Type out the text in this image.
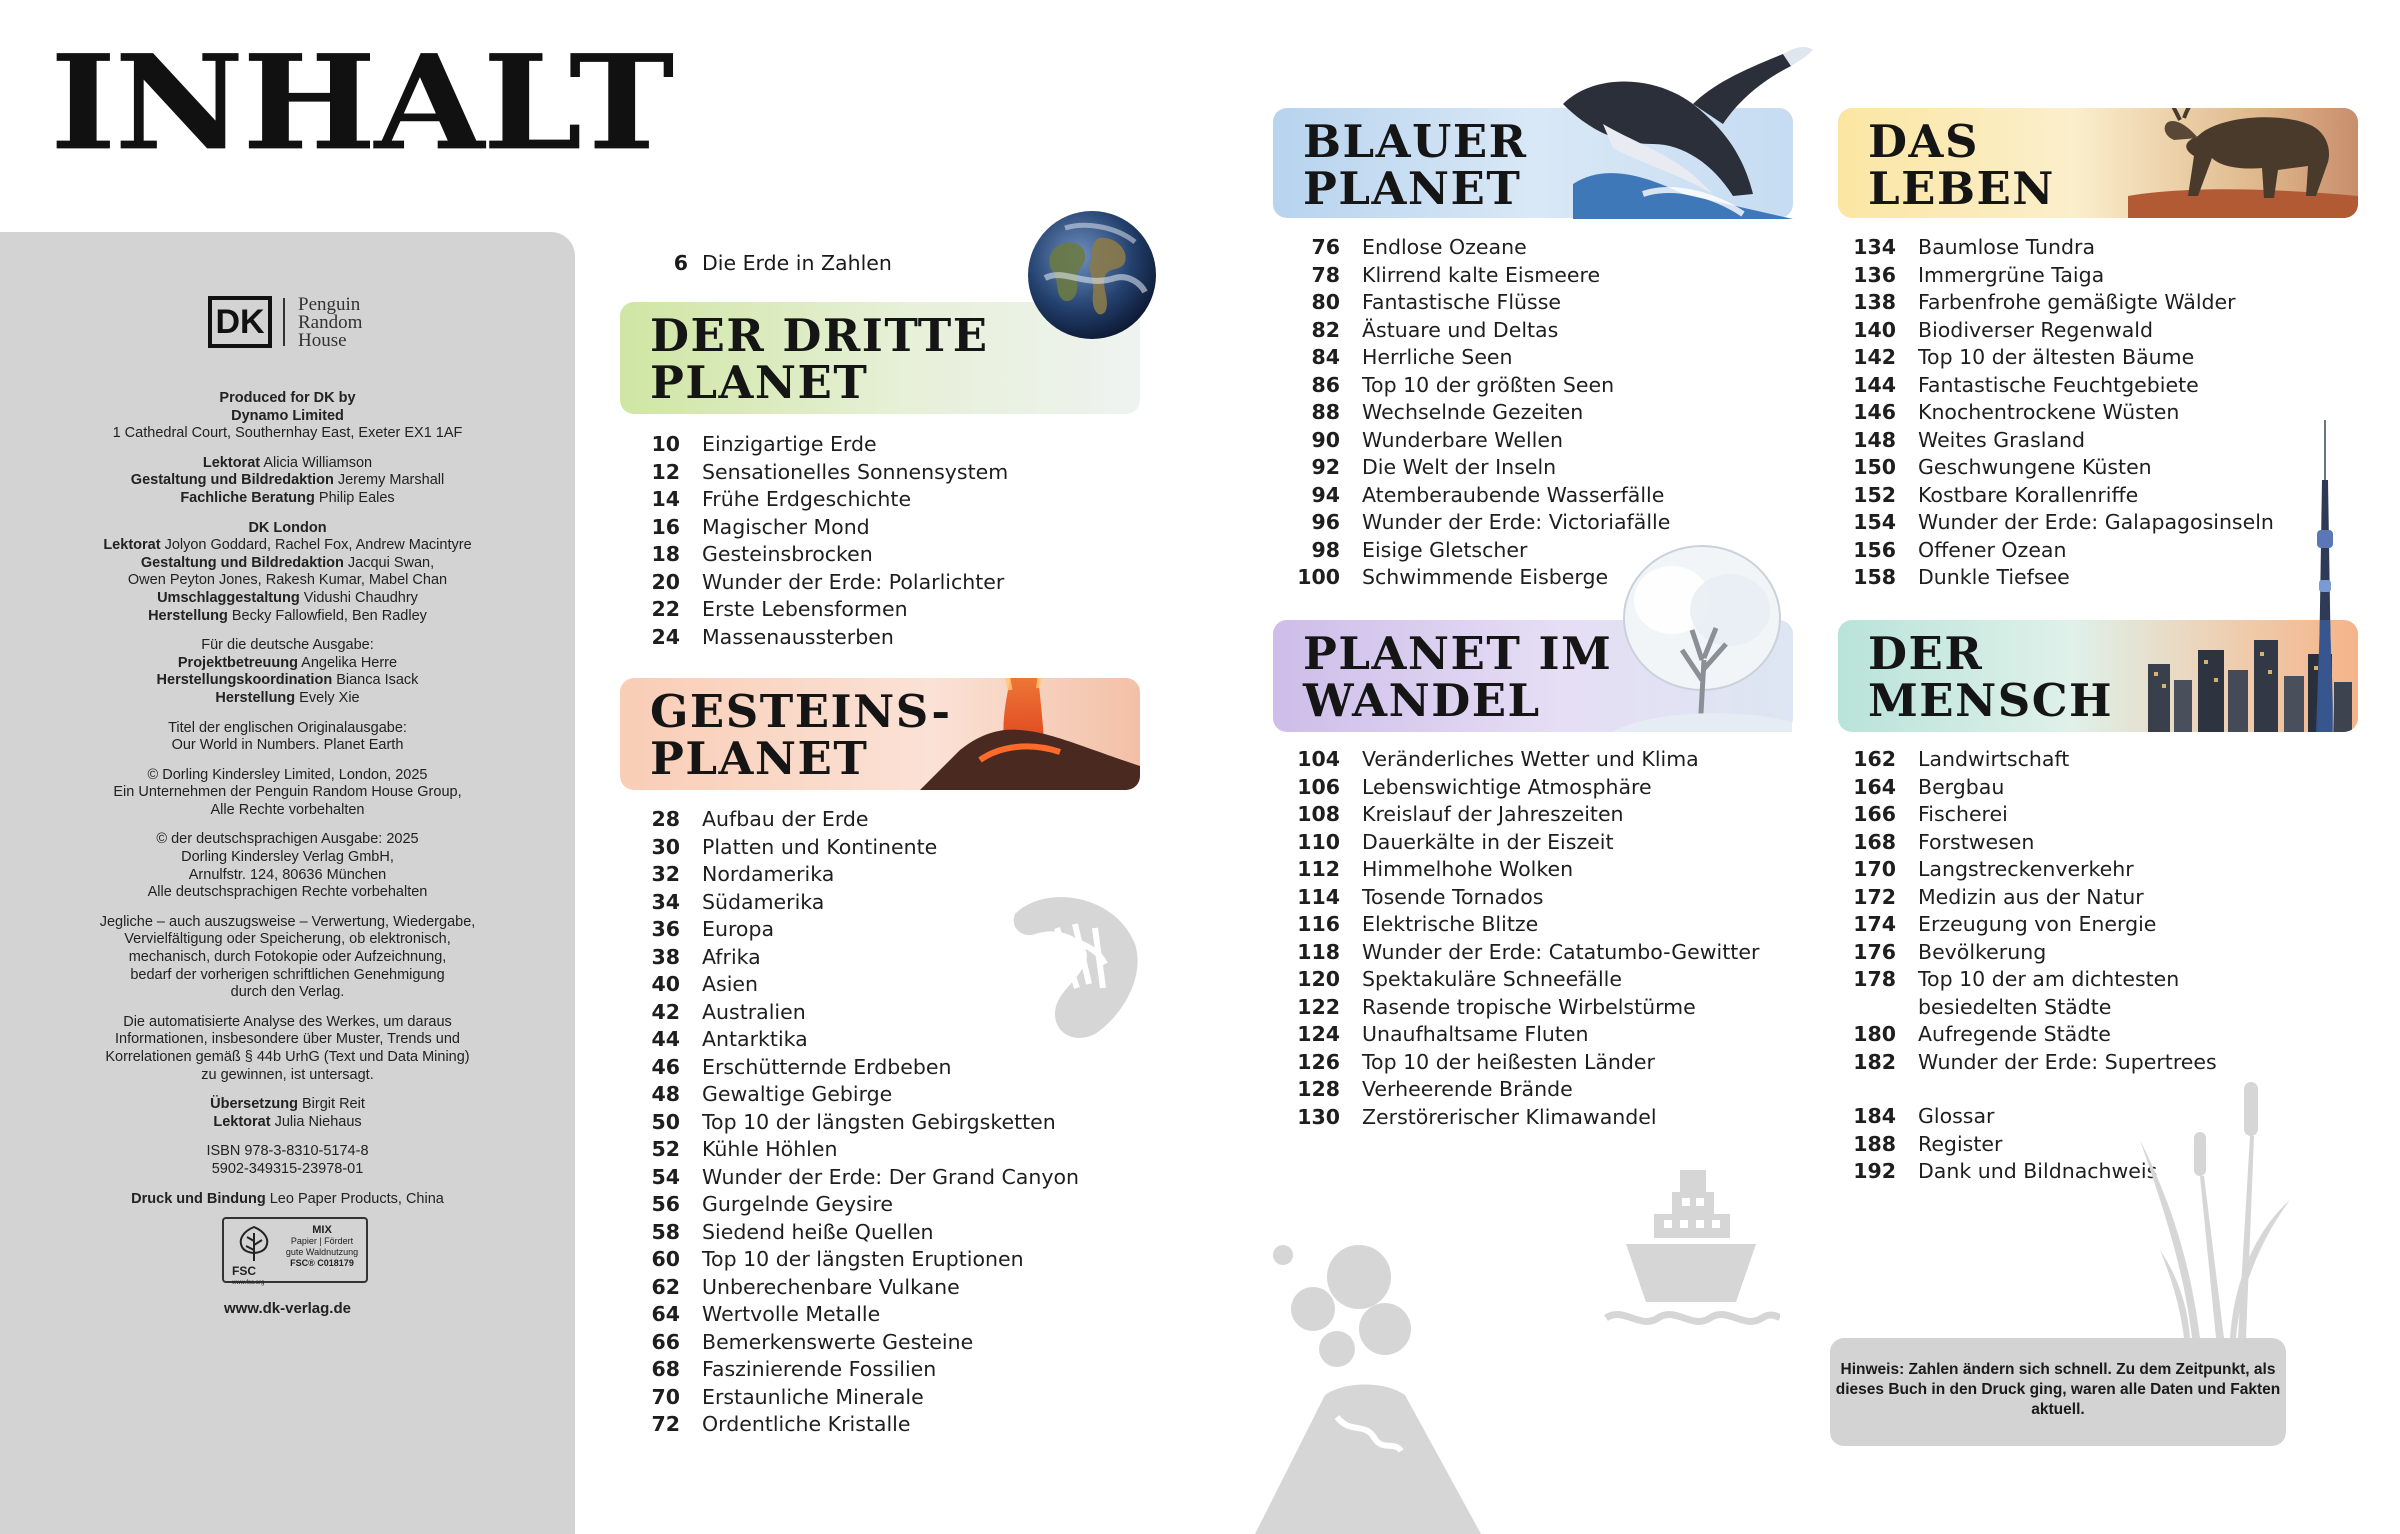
INHALT
DK	Penguin
Random
House
Produced for DK by
Dynamo Limited
1 Cathedral Court, Southernhay East, Exeter EX1 1AF
Lektorat Alicia Williamson
Gestaltung und Bildredaktion Jeremy Marshall
Fachliche Beratung Philip Eales
DK London
Lektorat Jolyon Goddard, Rachel Fox, Andrew Macintyre
Gestaltung und Bildredaktion Jacqui Swan,
Owen Peyton Jones, Rakesh Kumar, Mabel Chan
Umschlaggestaltung Vidushi Chaudhry
Herstellung Becky Fallowfield, Ben Radley
Für die deutsche Ausgabe:
Projektbetreuung Angelika Herre
Herstellungskoordination Bianca Isack
Herstellung Evely Xie
Titel der englischen Originalausgabe:
Our World in Numbers. Planet Earth
© Dorling Kindersley Limited, London, 2025
Ein Unternehmen der Penguin Random House Group,
Alle Rechte vorbehalten
© der deutschsprachigen Ausgabe: 2025
Dorling Kindersley Verlag GmbH,
Arnulfstr. 124, 80636 München
Alle deutschsprachigen Rechte vorbehalten
Jegliche – auch auszugsweise – Verwertung, Wiedergabe,
Vervielfältigung oder Speicherung, ob elektronisch,
mechanisch, durch Fotokopie oder Aufzeichnung,
bedarf der vorherigen schriftlichen Genehmigung
durch den Verlag.
Die automatisierte Analyse des Werkes, um daraus
Informationen, insbesondere über Muster, Trends und
Korrelationen gemäß § 44b UrhG (Text und Data Mining)
zu gewinnen, ist untersagt.
Übersetzung Birgit Reit
Lektorat Julia Niehaus
ISBN 978-3-8310-5174-8
5902-349315-23978-01
Druck und Bindung Leo Paper Products, China
FSC
MIX
Papier | Fördert
gute Waldnutzung
FSC® C018179
www.fsc.org
www.dk-verlag.de
6 Die Erde in Zahlen
DER DRITTE
PLANET
10 Einzigartige Erde
12 Sensationelles Sonnensystem
14 Frühe Erdgeschichte
16 Magischer Mond
18 Gesteinsbrocken
20 Wunder der Erde: Polarlichter
22 Erste Lebensformen
24 Massenaussterben
GESTEINS-
PLANET
28 Aufbau der Erde
30 Platten und Kontinente
32 Nordamerika
34 Südamerika
36 Europa
38 Afrika
40 Asien
42 Australien
44 Antarktika
46 Erschütternde Erdbeben
48 Gewaltige Gebirge
50 Top 10 der längsten Gebirgsketten
52 Kühle Höhlen
54 Wunder der Erde: Der Grand Canyon
56 Gurgelnde Geysire
58 Siedend heiße Quellen
60 Top 10 der längsten Eruptionen
62 Unberechenbare Vulkane
64 Wertvolle Metalle
66 Bemerkenswerte Gesteine
68 Faszinierende Fossilien
70 Erstaunliche Minerale
72 Ordentliche Kristalle
BLAUER
PLANET
76 Endlose Ozeane
78 Klirrend kalte Eismeere
80 Fantastische Flüsse
82 Ästuare und Deltas
84 Herrliche Seen
86 Top 10 der größten Seen
88 Wechselnde Gezeiten
90 Wunderbare Wellen
92 Die Welt der Inseln
94 Atemberaubende Wasserfälle
96 Wunder der Erde: Victoriafälle
98 Eisige Gletscher
100 Schwimmende Eisberge
PLANET IM
WANDEL
104 Veränderliches Wetter und Klima
106 Lebenswichtige Atmosphäre
108 Kreislauf der Jahreszeiten
110 Dauerkälte in der Eiszeit
112 Himmelhohe Wolken
114 Tosende Tornados
116 Elektrische Blitze
118 Wunder der Erde: Catatumbo-Gewitter
120 Spektakuläre Schneefälle
122 Rasende tropische Wirbelstürme
124 Unaufhaltsame Fluten
126 Top 10 der heißesten Länder
128 Verheerende Brände
130 Zerstörerischer Klimawandel
DAS
LEBEN
134 Baumlose Tundra
136 Immergrüne Taiga
138 Farbenfrohe gemäßigte Wälder
140 Biodiverser Regenwald
142 Top 10 der ältesten Bäume
144 Fantastische Feuchtgebiete
146 Knochentrockene Wüsten
148 Weites Grasland
150 Geschwungene Küsten
152 Kostbare Korallenriffe
154 Wunder der Erde: Galapagosinseln
156 Offener Ozean
158 Dunkle Tiefsee
DER
MENSCH
162 Landwirtschaft
164 Bergbau
166 Fischerei
168 Forstwesen
170 Langstreckenverkehr
172 Medizin aus der Natur
174 Erzeugung von Energie
176 Bevölkerung
178 Top 10 der am dichtesten
besiedelten Städte
180 Aufregende Städte
182 Wunder der Erde: Supertrees
184 Glossar
188 Register
192 Dank und Bildnachweis
Hinweis: Zahlen ändern sich schnell. Zu dem Zeitpunkt, als dieses Buch in den Druck ging, waren alle Daten und Fakten aktuell.
